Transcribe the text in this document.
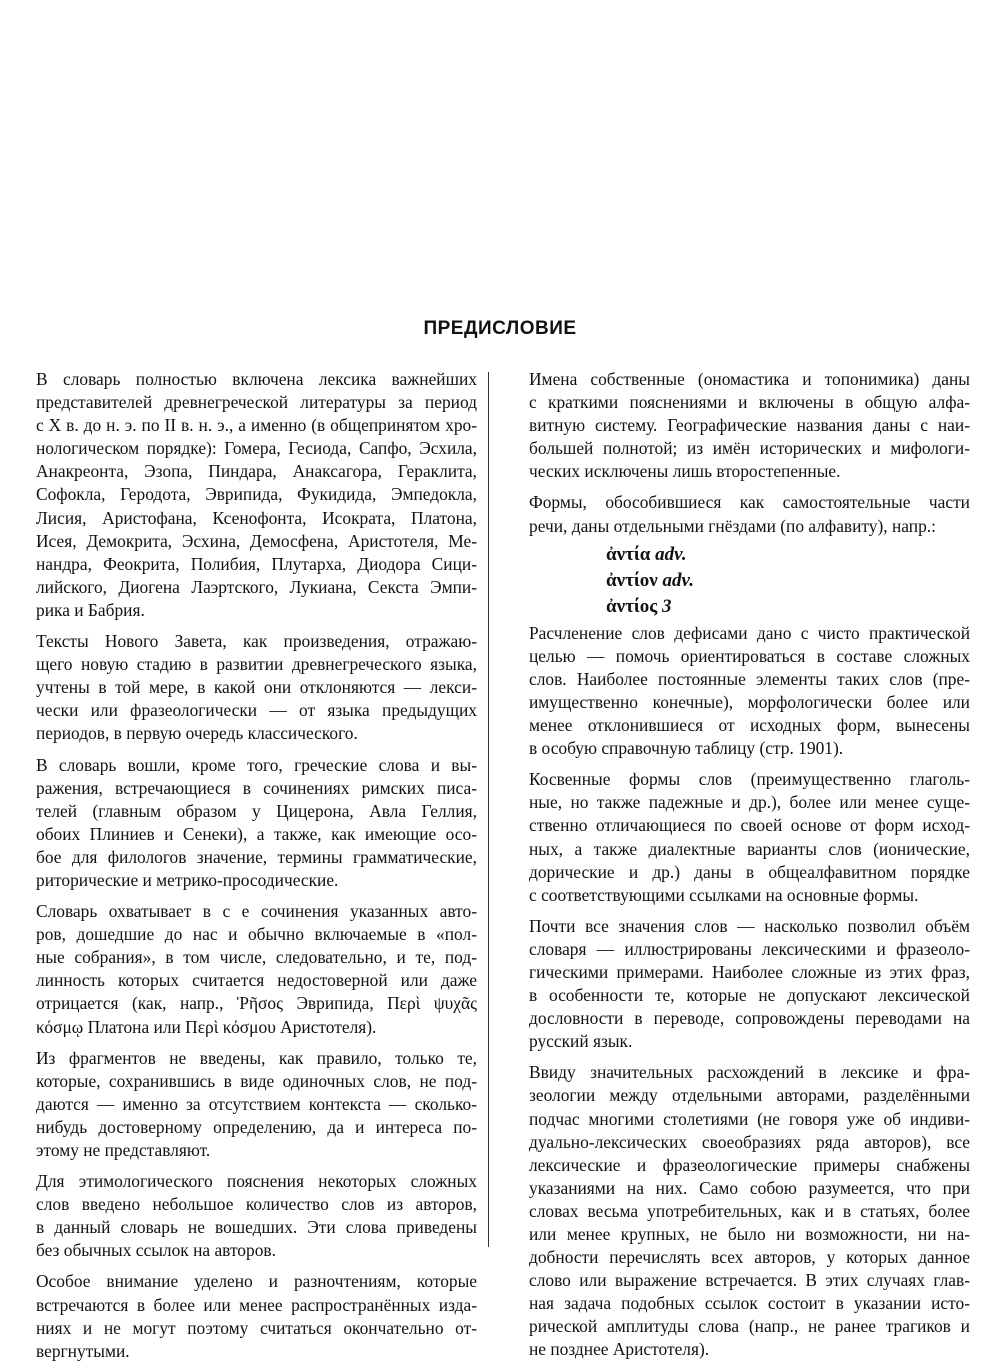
ПРЕДИСЛОВИЕ
В словарь полностью включена лексика важнейших
представителей древнегреческой литературы за период
с X в. до н. э. по II в. н. э., а именно (в общепринятом хро-
нологическом порядке): Гомера, Гесиода, Сапфо, Эсхила,
Анакреонта, Эзопа, Пиндара, Анаксагора, Гераклита,
Софокла, Геродота, Эврипида, Фукидида, Эмпедокла,
Лисия, Аристофана, Ксенофонта, Исократа, Платона,
Исея, Демокрита, Эсхина, Демосфена, Аристотеля, Ме-
нандра, Феокрита, Полибия, Плутарха, Диодора Сици-
лийского, Диогена Лаэртского, Лукиана, Секста Эмпи-
рика и Бабрия.
Тексты Нового Завета, как произведения, отражаю-
щего новую стадию в развитии древнегреческого языка,
учтены в той мере, в какой они отклоняются — лекси-
чески или фразеологически — от языка предыдущих
периодов, в первую очередь классического.
В словарь вошли, кроме того, греческие слова и вы-
ражения, встречающиеся в сочинениях римских писа-
телей (главным образом у Цицерона, Авла Геллия,
обоих Плиниев и Сенеки), а также, как имеющие осо-
бое для филологов значение, термины грамматические,
риторические и метрико-просодические.
Словарь охватывает в с е сочинения указанных авто-
ров, дошедшие до нас и обычно включаемые в «пол-
ные собрания», в том числе, следовательно, и те, под-
линность которых считается недостоверной или даже
отрицается (как, напр., Ῥῆσος Эврипида, Περὶ ψυχᾶς
κόσμῳ Платона или Περὶ κόσμου Аристотеля).
Из фрагментов не введены, как правило, только те,
которые, сохранившись в виде одиночных слов, не под-
даются — именно за отсутствием контекста — сколько-
нибудь достоверному определению, да и интереса по-
этому не представляют.
Для этимологического пояснения некоторых сложных
слов введено небольшое количество слов из авторов,
в данный словарь не вошедших. Эти слова приведены
без обычных ссылок на авторов.
Особое внимание уделено и разночтениям, которые
встречаются в более или менее распространённых изда-
ниях и не могут поэтому считаться окончательно от-
вергнутыми.
Имена собственные (ономастика и топонимика) даны
с краткими пояснениями и включены в общую алфа-
витную систему. Географические названия даны с наи-
большей полнотой; из имён исторических и мифологи-
ческих исключены лишь второстепенные.
Формы, обособившиеся как самостоятельные части
речи, даны отдельными гнёздами (по алфавиту), напр.:
ἀντία adv.
ἀντίον adv.
ἀντίος 3
Расчленение слов дефисами дано с чисто практической
целью — помочь ориентироваться в составе сложных
слов. Наиболее постоянные элементы таких слов (пре-
имущественно конечные), морфологически более или
менее отклонившиеся от исходных форм, вынесены
в особую справочную таблицу (стр. 1901).
Косвенные формы слов (преимущественно глаголь-
ные, но также падежные и др.), более или менее суще-
ственно отличающиеся по своей основе от форм исход-
ных, а также диалектные варианты слов (ионические,
дорические и др.) даны в общеалфавитном порядке
с соответствующими ссылками на основные формы.
Почти все значения слов — насколько позволил объём
словаря — иллюстрированы лексическими и фразеоло-
гическими примерами. Наиболее сложные из этих фраз,
в особенности те, которые не допускают лексической
дословности в переводе, сопровождены переводами на
русский язык.
Ввиду значительных расхождений в лексике и фра-
зеологии между отдельными авторами, разделёнными
подчас многими столетиями (не говоря уже об индиви-
дуально-лексических своеобразиях ряда авторов), все
лексические и фразеологические примеры снабжены
указаниями на них. Само собою разумеется, что при
словах весьма употребительных, как и в статьях, более
или менее крупных, не было ни возможности, ни на-
добности перечислять всех авторов, у которых данное
слово или выражение встречается. В этих случаях глав-
ная задача подобных ссылок состоит в указании исто-
рической амплитуды слова (напр., не ранее трагиков и
не позднее Аристотеля).
